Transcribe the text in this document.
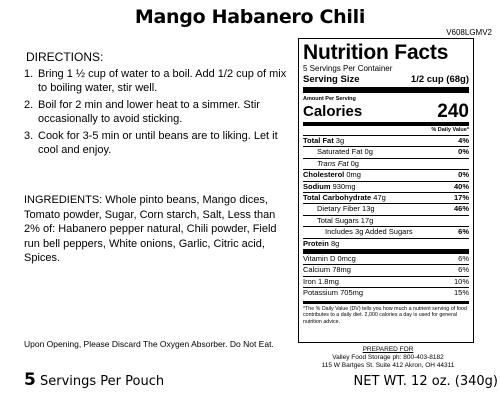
Mango Habanero Chili
V608LGMV2
DIRECTIONS:
1. Bring 1 ½ cup of water to a boil. Add 1/2 cup of mix to boiling water, stir well.
2. Boil for 2 min and lower heat to a simmer. Stir occasionally to avoid sticking.
3. Cook for 3-5 min or until beans are to liking. Let it cool and enjoy.
INGREDIENTS: Whole pinto beans, Mango dices, Tomato powder, Sugar, Corn starch, Salt, Less than 2% of: Habanero pepper natural, Chili powder, Field run bell peppers, White onions, Garlic, Citric acid, Spices.
Upon Opening, Please Discard The Oxygen Absorber. Do Not Eat.
5 Servings Per Pouch
Nutrition Facts
5 Servings Per Container
Serving Size	1/2 cup (68g)
Amount Per Serving
Calories	240
% Daily Value*
Total Fat 3g	4%
Saturated Fat 0g	0%
Trans Fat 0g
Cholesterol 0mg	0%
Sodium 930mg	40%
Total Carbohydrate 47g	17%
Dietary Fiber 13g	46%
Total Sugars 17g
Includes 3g Added Sugars	6%
Protein 8g
Vitamin D 0mcg	6%
Calcium 78mg	6%
Iron 1.8mg	10%
Potassium 705mg	15%
*The % Daily Value (DV) tells you how much a nutrient serving of food contributes to a daily diet. 2,000 calories a day is used for general nutrition advice.
PREPARED FOR
Valley Food Storage ph: 800-403-8182
115 W Bartges St. Suite 412 Akron, OH 44311
NET WT. 12 oz. (340g)
